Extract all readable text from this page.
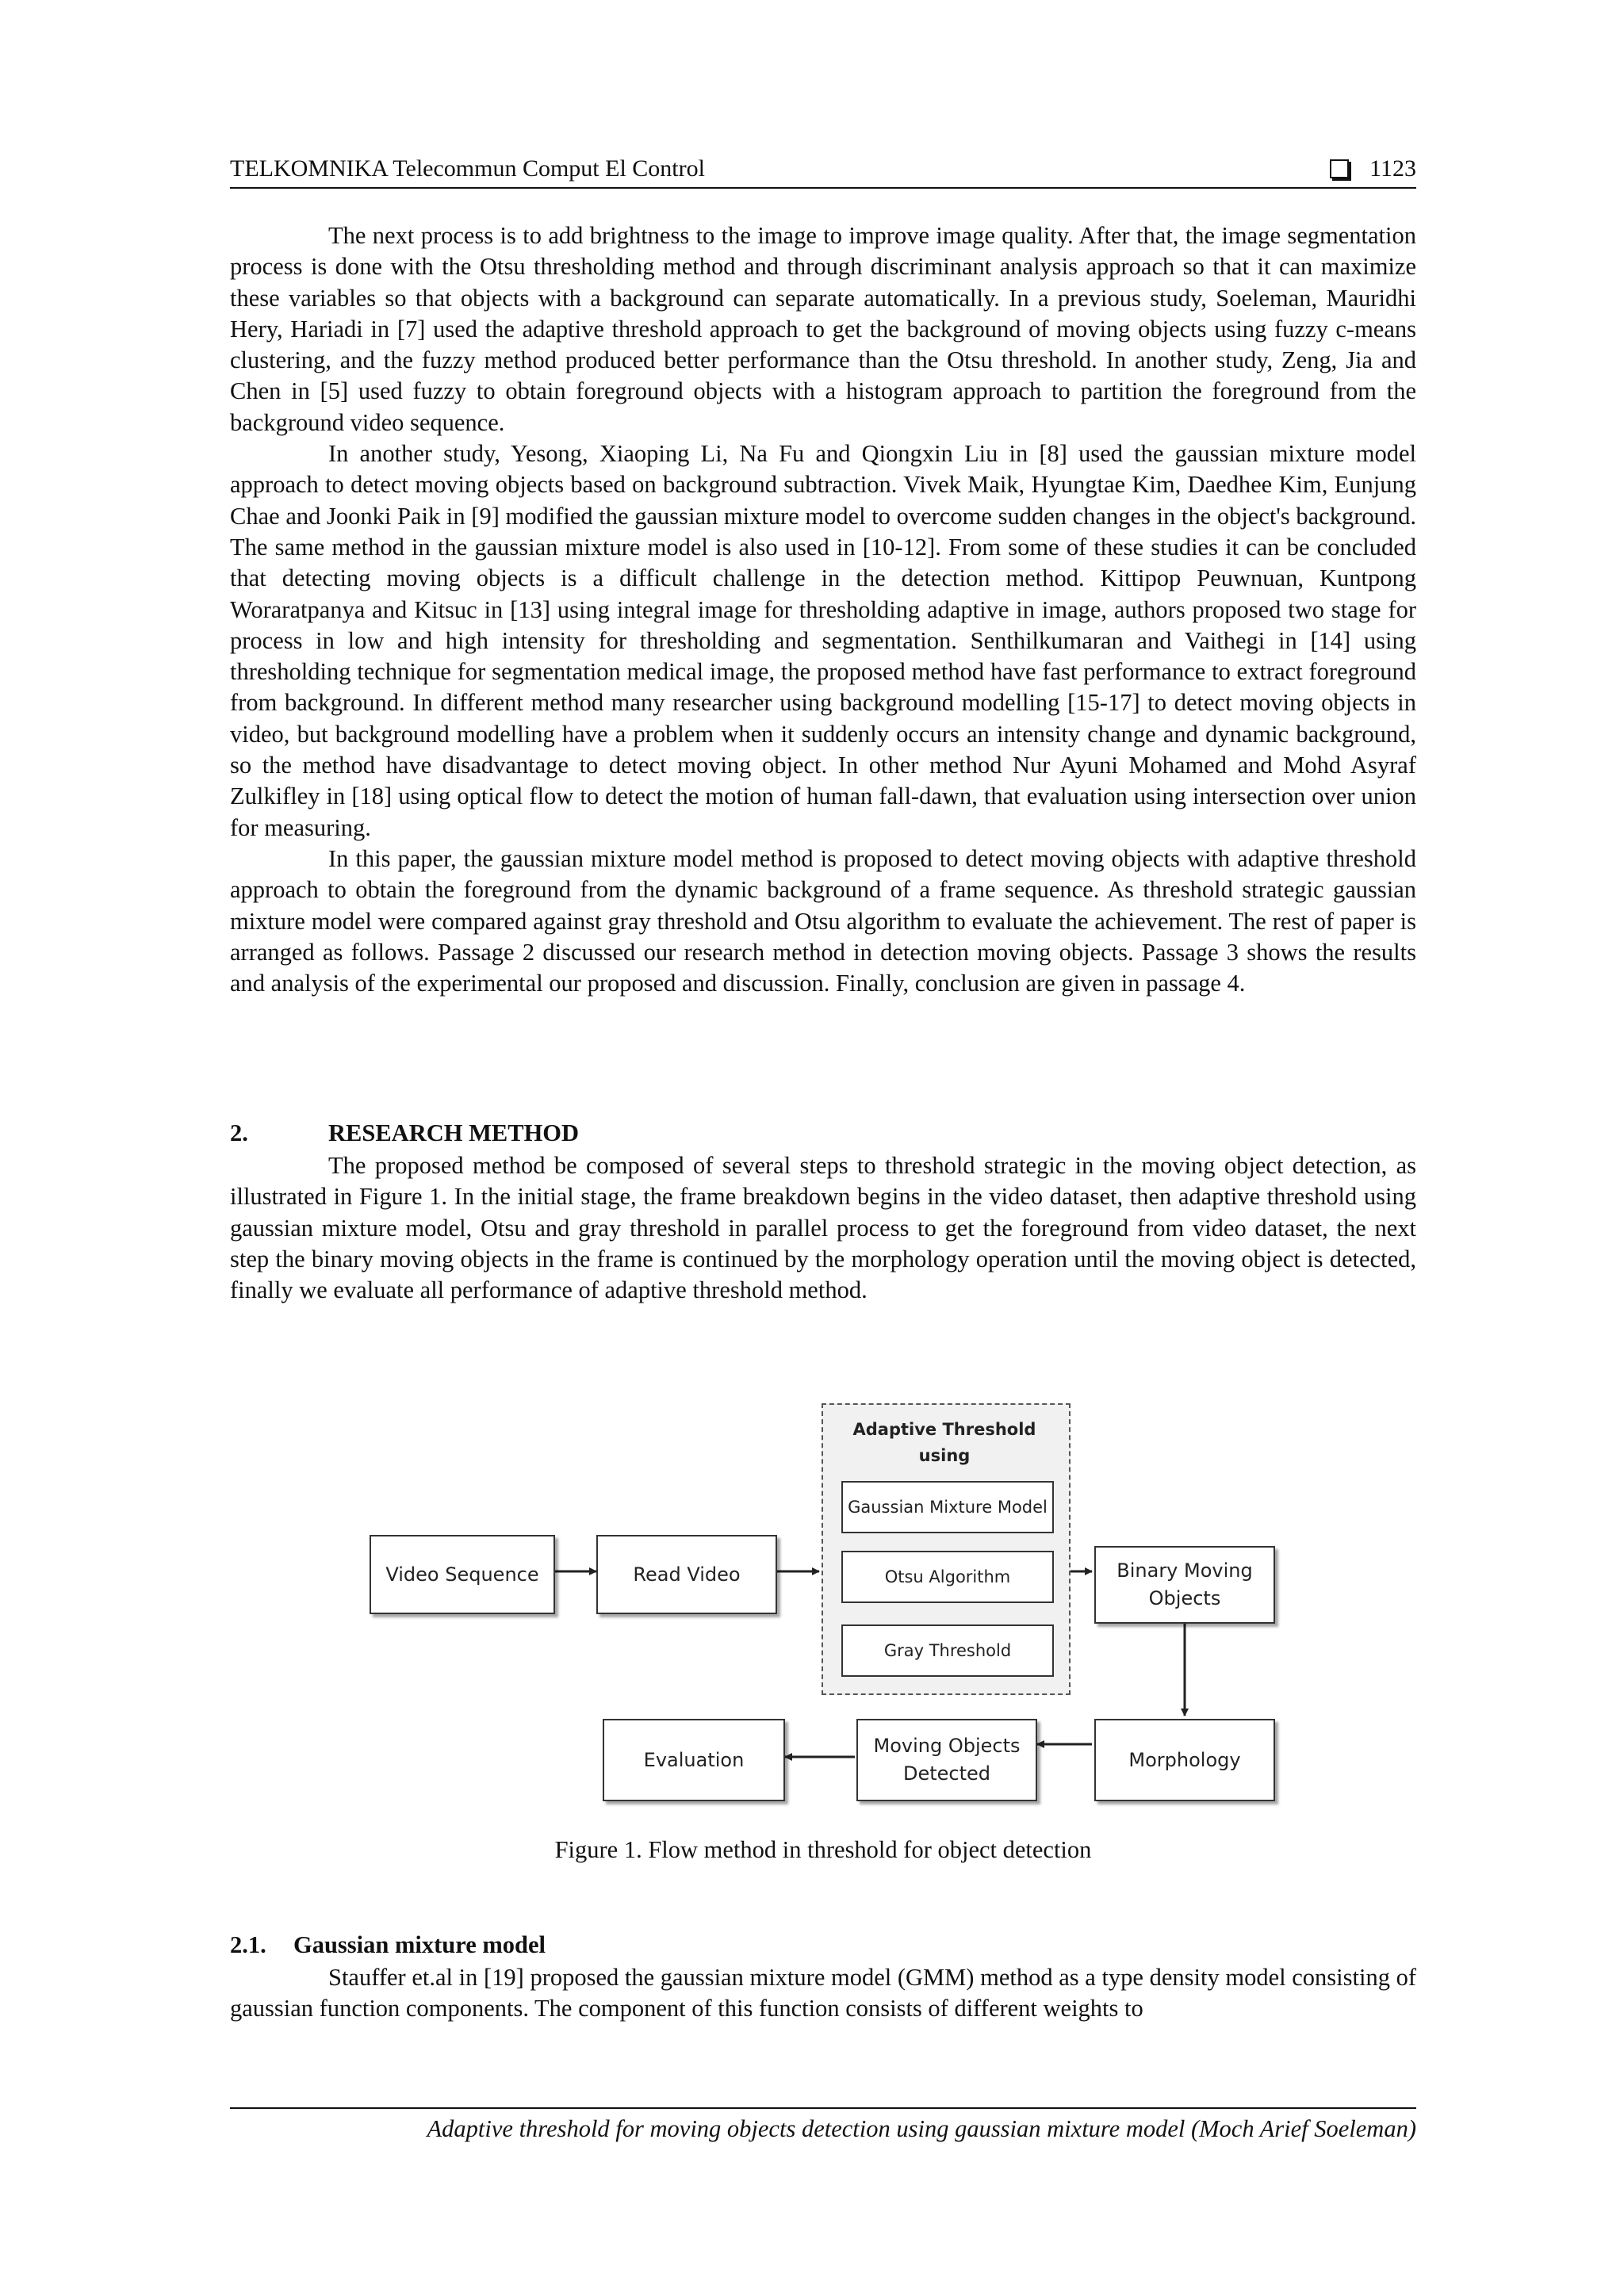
TELKOMNIKA Telecommun Comput El Control	1123

The next process is to add brightness to the image to improve image quality. After that, the image segmentation process is done with the Otsu thresholding method and through discriminant analysis approach so that it can maximize these variables so that objects with a background can separate automatically. In a previous study, Soeleman, Mauridhi Hery, Hariadi in [7] used the adaptive threshold approach to get the background of moving objects using fuzzy c-means clustering, and the fuzzy method produced better performance than the Otsu threshold. In another study, Zeng, Jia and Chen in [5] used fuzzy to obtain foreground objects with a histogram approach to partition the foreground from the background video sequence.

In another study, Yesong, Xiaoping Li, Na Fu and Qiongxin Liu in [8] used the gaussian mixture model approach to detect moving objects based on background subtraction. Vivek Maik, Hyungtae Kim, Daedhee Kim, Eunjung Chae and Joonki Paik in [9] modified the gaussian mixture model to overcome sudden changes in the object's background. The same method in the gaussian mixture model is also used in [10-12]. From some of these studies it can be concluded that detecting moving objects is a difficult challenge in the detection method. Kittipop Peuwnuan, Kuntpong Woraratpanya and Kitsuc in [13] using integral image for thresholding adaptive in image, authors proposed two stage for process in low and high intensity for thresholding and segmentation. Senthilkumaran and Vaithegi in [14] using thresholding technique for segmentation medical image, the proposed method have fast performance to extract foreground from background. In different method many researcher using background modelling [15-17] to detect moving objects in video, but background modelling have a problem when it suddenly occurs an intensity change and dynamic background, so the method have disadvantage to detect moving object. In other method Nur Ayuni Mohamed and Mohd Asyraf Zulkifley in [18] using optical flow to detect the motion of human fall-dawn, that evaluation using intersection over union for measuring.

In this paper, the gaussian mixture model method is proposed to detect moving objects with adaptive threshold approach to obtain the foreground from the dynamic background of a frame sequence. As threshold strategic gaussian mixture model were compared against gray threshold and Otsu algorithm to evaluate the achievement. The rest of paper is arranged as follows. Passage 2 discussed our research method in detection moving objects. Passage 3 shows the results and analysis of the experimental our proposed and discussion. Finally, conclusion are given in passage 4.

2.	RESEARCH METHOD

The proposed method be composed of several steps to threshold strategic in the moving object detection, as illustrated in Figure 1. In the initial stage, the frame breakdown begins in the video dataset, then adaptive threshold using gaussian mixture model, Otsu and gray threshold in parallel process to get the foreground from video dataset, the next step the binary moving objects in the frame is continued by the morphology operation until the moving object is detected, finally we evaluate all performance of adaptive threshold method.

Adaptive Threshold using
Gaussian Mixture Model
Otsu Algorithm
Gray Threshold
Video Sequence	Read Video	Binary Moving Objects
Morphology
Moving Objects Detected
Evaluation
Figure 1. Flow method in threshold for object detection
2.1. Gaussian mixture model

Stauffer et.al in [19] proposed the gaussian mixture model (GMM) method as a type density model consisting of gaussian function components. The component of this function consists of different weights to

Adaptive threshold for moving objects detection using gaussian mixture model (Moch Arief Soeleman)
